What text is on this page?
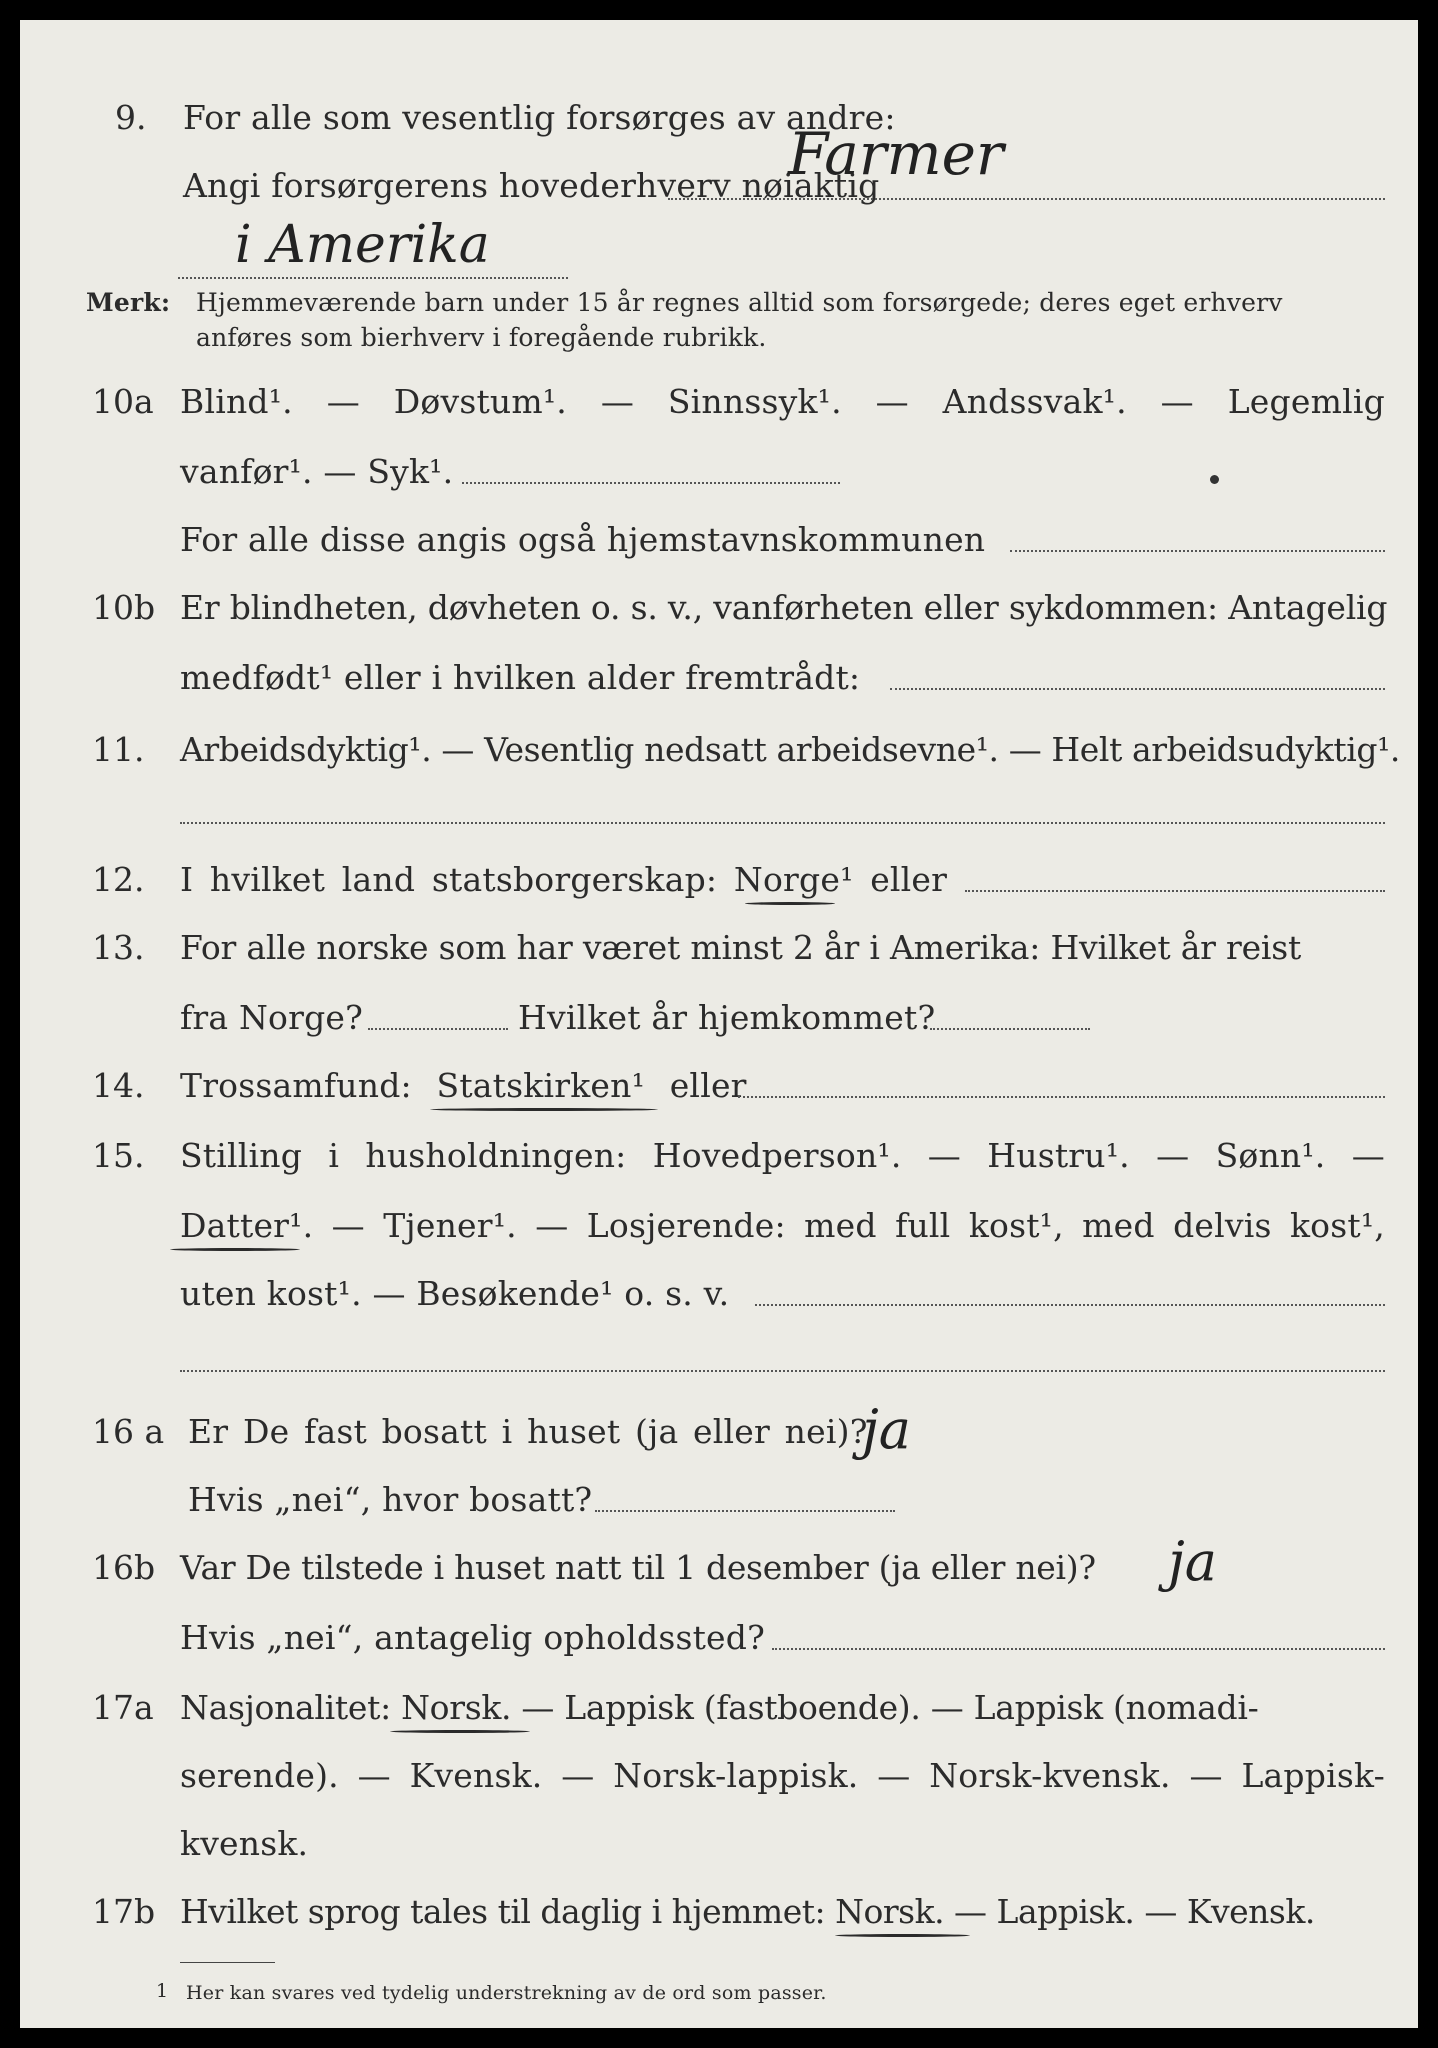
9. For alle som vesentlig forsørges av andre:
Angi forsørgerens hovederhverv nøiaktig
Farmer
i Amerika
Merk: Hjemmeværende barn under 15 år regnes alltid som forsørgede; deres eget erhverv
anføres som bierhverv i foregående rubrikk.
10a Blind¹. — Døvstum¹. — Sinnssyk¹. — Andssvak¹. — Legemlig
vanfør¹. — Syk¹.
For alle disse angis også hjemstavnskommunen
10b Er blindheten, døvheten o. s. v., vanførheten eller sykdommen: Antagelig
medfødt¹ eller i hvilken alder fremtrådt:
11. Arbeidsdyktig¹. — Vesentlig nedsatt arbeidsevne¹. — Helt arbeidsudyktig¹.
12. I hvilket land statsborgerskap: Norge¹ eller
13. For alle norske som har været minst 2 år i Amerika: Hvilket år reist
fra Norge?	Hvilket år hjemkommet?
14. Trossamfund: Statskirken¹ eller
15. Stilling i husholdningen: Hovedperson¹. — Hustru¹. — Sønn¹. —
Datter¹. — Tjener¹. — Losjerende: med full kost¹, med delvis kost¹,
uten kost¹. — Besøkende¹ o. s. v.
16 a Er De fast bosatt i huset (ja eller nei)?
ja
Hvis „nei“, hvor bosatt?
16b Var De tilstede i huset natt til 1 desember (ja eller nei)? ja
Hvis „nei“, antagelig opholdssted?
17a Nasjonalitet: Norsk. — Lappisk (fastboende). — Lappisk (nomadi-
serende). — Kvensk. — Norsk-lappisk. — Norsk-kvensk. — Lappisk-
kvensk.
17b Hvilket sprog tales til daglig i hjemmet: Norsk. — Lappisk. — Kvensk.
1 Her kan svares ved tydelig understrekning av de ord som passer.
